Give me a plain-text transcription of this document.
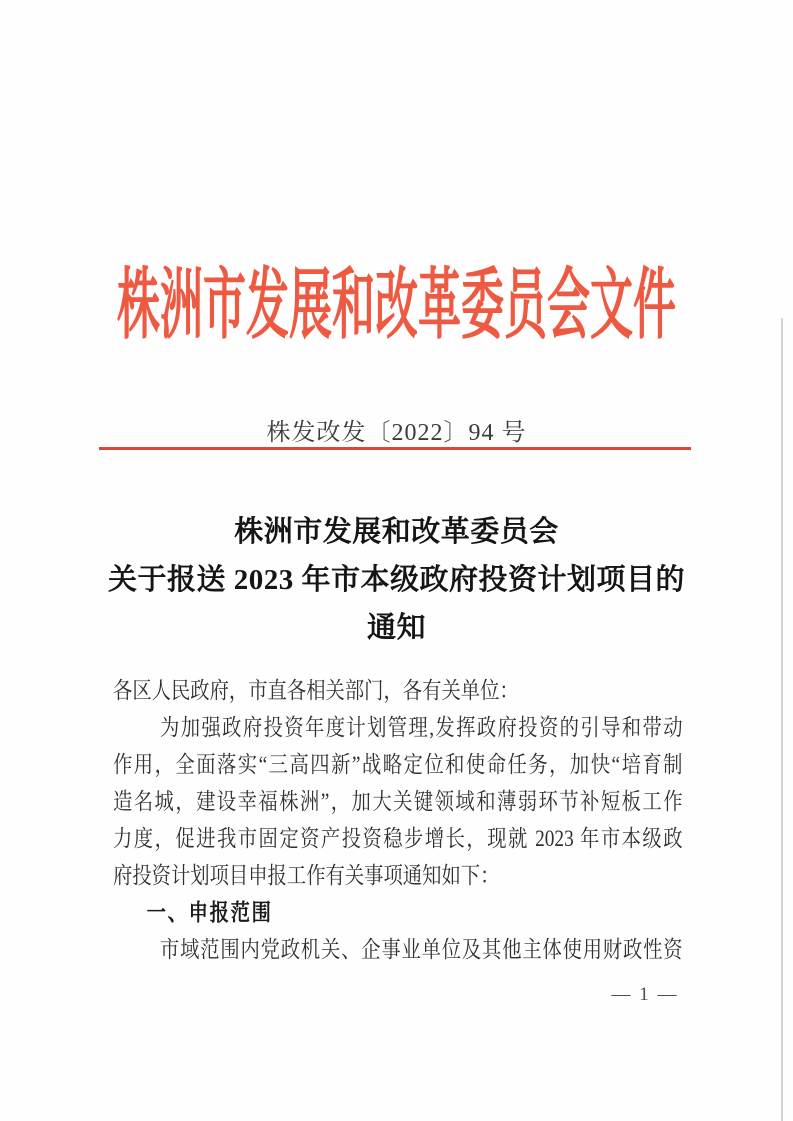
株洲市发展和改革委员会文件
株发改发〔2022〕94 号
株洲市发展和改革委员会
关于报送 2023 年市本级政府投资计划项目的
通知
各区人民政府，市直各相关部门，各有关单位：
为加强政府投资年度计划管理,发挥政府投资的引导和带动
作用，全面落实“三高四新”战略定位和使命任务，加快“培育制
造名城，建设幸福株洲”，加大关键领域和薄弱环节补短板工作
力度，促进我市固定资产投资稳步增长，现就 2023 年市本级政
府投资计划项目申报工作有关事项通知如下：
一、申报范围
市域范围内党政机关、企事业单位及其他主体使用财政性资
— 1 —
